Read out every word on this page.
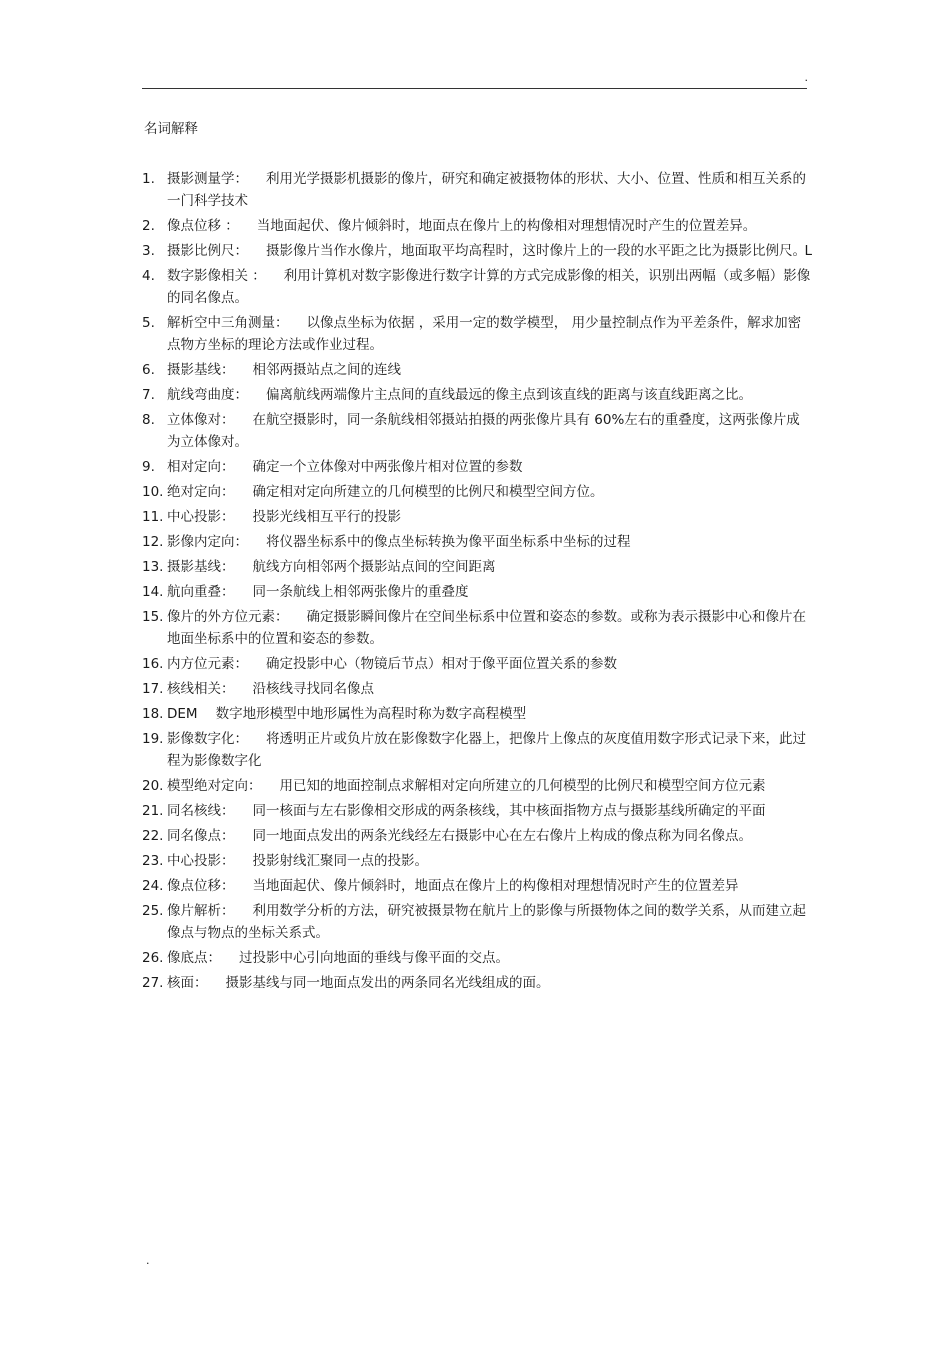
.
名词解释
1. 摄影测量学： 利用光学摄影机摄影的像片，研究和确定被摄物体的形状、大小、位置、性质和相互关系的一门科学技术
2. 像点位移 ： 当地面起伏、像片倾斜时，地面点在像片上的构像相对理想情况时产生的位置差异。
3. 摄影比例尺： 摄影像片当作水像片，地面取平均高程时，这时像片上的一段的水平距之比为摄影比例尺。
L
4. 数字影像相关 ： 利用计算机对数字影像进行数字计算的方式完成影像的相关，识别出两幅（或多幅）影像的同名像点。
5. 解析空中三角测量： 以像点坐标为依据 ，采用一定的数学模型， 用少量控制点作为平差条件，解求加密点物方坐标的理论方法或作业过程。
6. 摄影基线： 相邻两摄站点之间的连线
7. 航线弯曲度： 偏离航线两端像片主点间的直线最远的像主点到该直线的距离与该直线距离之比。
8. 立体像对： 在航空摄影时，同一条航线相邻摄站拍摄的两张像片具有 60%左右的重叠度，这两张像片成为立体像对。
9. 相对定向： 确定一个立体像对中两张像片相对位置的参数
10. 绝对定向： 确定相对定向所建立的几何模型的比例尺和模型空间方位。
11. 中心投影： 投影光线相互平行的投影
12. 影像内定向： 将仪器坐标系中的像点坐标转换为像平面坐标系中坐标的过程
13. 摄影基线： 航线方向相邻两个摄影站点间的空间距离
14. 航向重叠： 同一条航线上相邻两张像片的重叠度
15. 像片的外方位元素： 确定摄影瞬间像片在空间坐标系中位置和姿态的参数。或称为表示摄影中心和像片在地面坐标系中的位置和姿态的参数。
16. 内方位元素： 确定投影中心（物镜后节点）相对于像平面位置关系的参数
17. 核线相关： 沿核线寻找同名像点
18. DEM 数字地形模型中地形属性为高程时称为数字高程模型
19. 影像数字化： 将透明正片或负片放在影像数字化器上，把像片上像点的灰度值用数字形式记录下来，此过程为影像数字化
20. 模型绝对定向： 用已知的地面控制点求解相对定向所建立的几何模型的比例尺和模型空间方位元素
21. 同名核线： 同一核面与左右影像相交形成的两条核线，其中核面指物方点与摄影基线所确定的平面
22. 同名像点： 同一地面点发出的两条光线经左右摄影中心在左右像片上构成的像点称为同名像点。
23. 中心投影： 投影射线汇聚同一点的投影。
24. 像点位移： 当地面起伏、像片倾斜时，地面点在像片上的构像相对理想情况时产生的位置差异
25. 像片解析： 利用数学分析的方法，研究被摄景物在航片上的影像与所摄物体之间的数学关系，从而建立起像点与物点的坐标关系式。
26. 像底点： 过投影中心引向地面的垂线与像平面的交点。
27. 核面： 摄影基线与同一地面点发出的两条同名光线组成的面。
.
